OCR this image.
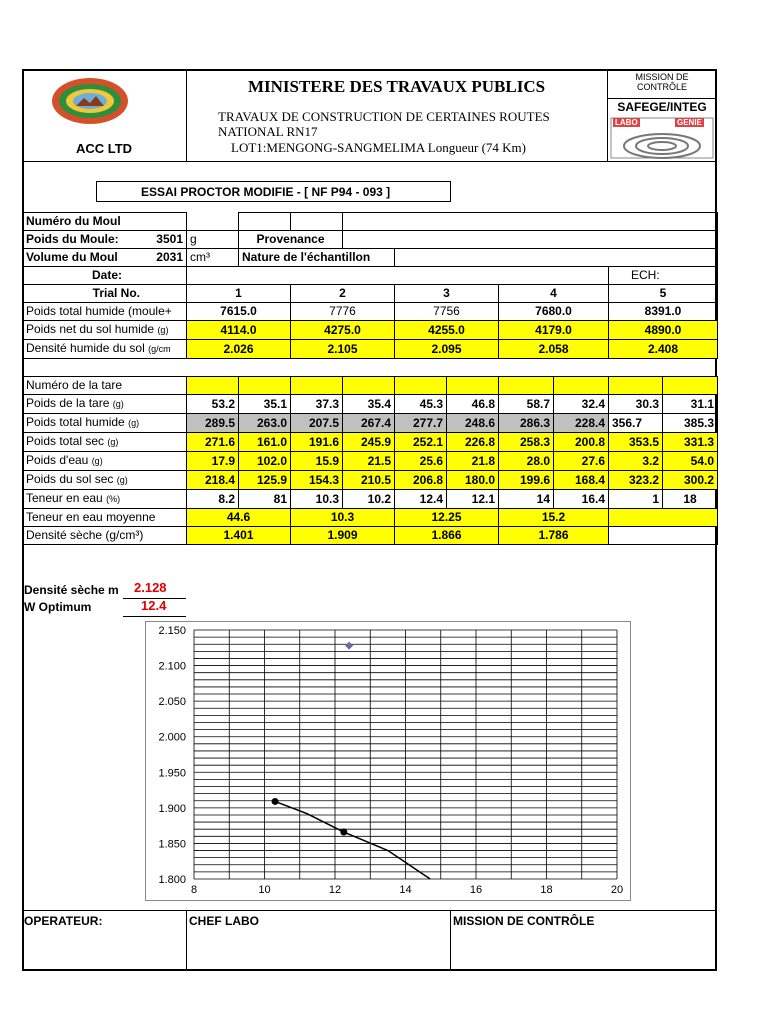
ACC LTD
MINISTERE DES TRAVAUX PUBLICS
TRAVAUX DE CONSTRUCTION DE CERTAINES ROUTES
NATIONAL RN17
LOT1:MENGONG-SANGMELIMA Longueur (74 Km)
MISSION DE
CONTRÔLE
SAFEGE/INTEG
LABO	GENIE
ESSAI PROCTOR MODIFIE - [ NF P94 - 093 ]
Numéro du Moul										
Poids du Moule: 3501	g	Provenance								
Volume du Moul 2031	cm³	Nature de l'échantillon								
Date:									ECH:	
Trial No.	1		2		3		4		5	
Poids total humide (moule+	7615.0		7776		7756		7680.0		8391.0	
Poids net du sol humide (g)	4114.0		4275.0		4255.0		4179.0		4890.0	
Densité humide du sol (g/cm	2.026		2.105		2.095		2.058		2.408	

Numéro de la tare										
Poids de la tare (g)	53.2	35.1	37.3	35.4	45.3	46.8	58.7	32.4	30.3	31.1
Poids total humide (g)	289.5	263.0	207.5	267.4	277.7	248.6	286.3	228.4	356.7	385.3
Poids total sec (g)	271.6	161.0	191.6	245.9	252.1	226.8	258.3	200.8	353.5	331.3
Poids d'eau (g)	17.9	102.0	15.9	21.5	25.6	21.8	28.0	27.6	3.2	54.0
Poids du sol sec (g)	218.4	125.9	154.3	210.5	206.8	180.0	199.6	168.4	323.2	300.2
Teneur en eau (%)	8.2	81	10.3	10.2	12.4	12.1	14	16.4	1	18
Teneur en eau moyenne	44.6		10.3		12.25		15.2			
Densité sèche (g/cm³)	1.401		1.909		1.866		1.786			
Densité sèche m 2.128
W Optimum	12.4
1.800
1.850
1.900
1.950
2.000
2.050
2.100
2.150
8	10	12	14	16	18	20
OPERATEUR:	CHEF LABO	MISSION DE CONTRÔLE
